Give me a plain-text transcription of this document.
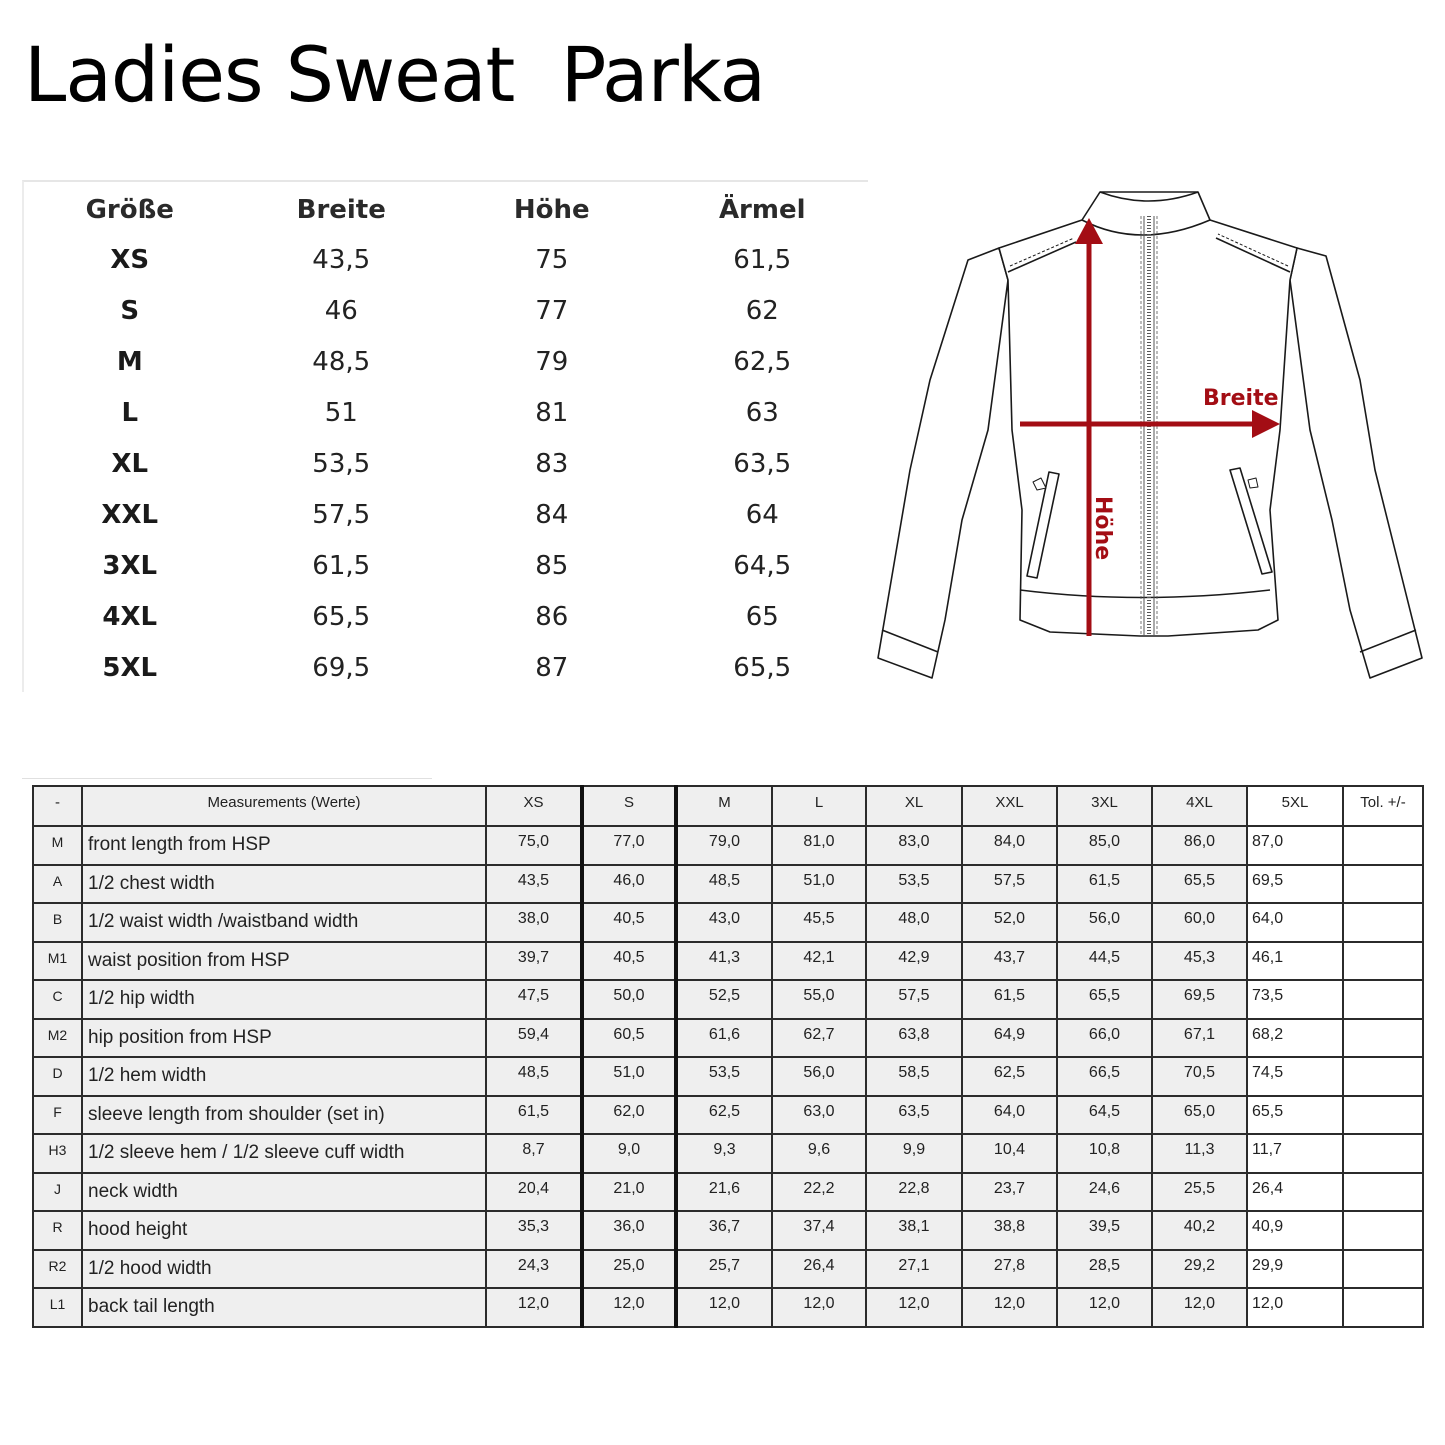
Ladies Sweat  Parka
Größe	Breite	Höhe	Ärmel
XS	43,5	75	61,5
S	46	77	62
M	48,5	79	62,5
L	51	81	63
XL	53,5	83	63,5
XXL	57,5	84	64
3XL	61,5	85	64,5
4XL	65,5	86	65
5XL	69,5	87	65,5
Breite
Höhe
-	Measurements (Werte)	XS	S	M	L	XL	XXL	3XL	4XL	5XL	Tol. +/-
M	front length from HSP	75,0	77,0	79,0	81,0	83,0	84,0	85,0	86,0	87,0	
A	1/2 chest width	43,5	46,0	48,5	51,0	53,5	57,5	61,5	65,5	69,5	
B	1/2 waist width /waistband width	38,0	40,5	43,0	45,5	48,0	52,0	56,0	60,0	64,0	
M1	waist position from HSP	39,7	40,5	41,3	42,1	42,9	43,7	44,5	45,3	46,1	
C	1/2 hip width	47,5	50,0	52,5	55,0	57,5	61,5	65,5	69,5	73,5	
M2	hip position from HSP	59,4	60,5	61,6	62,7	63,8	64,9	66,0	67,1	68,2	
D	1/2 hem width	48,5	51,0	53,5	56,0	58,5	62,5	66,5	70,5	74,5	
F	sleeve length from shoulder (set in)	61,5	62,0	62,5	63,0	63,5	64,0	64,5	65,0	65,5	
H3	1/2 sleeve hem / 1/2 sleeve cuff width	8,7	9,0	9,3	9,6	9,9	10,4	10,8	11,3	11,7	
J	neck width	20,4	21,0	21,6	22,2	22,8	23,7	24,6	25,5	26,4	
R	hood height	35,3	36,0	36,7	37,4	38,1	38,8	39,5	40,2	40,9	
R2	1/2 hood width	24,3	25,0	25,7	26,4	27,1	27,8	28,5	29,2	29,9	
L1	back tail length	12,0	12,0	12,0	12,0	12,0	12,0	12,0	12,0	12,0	
